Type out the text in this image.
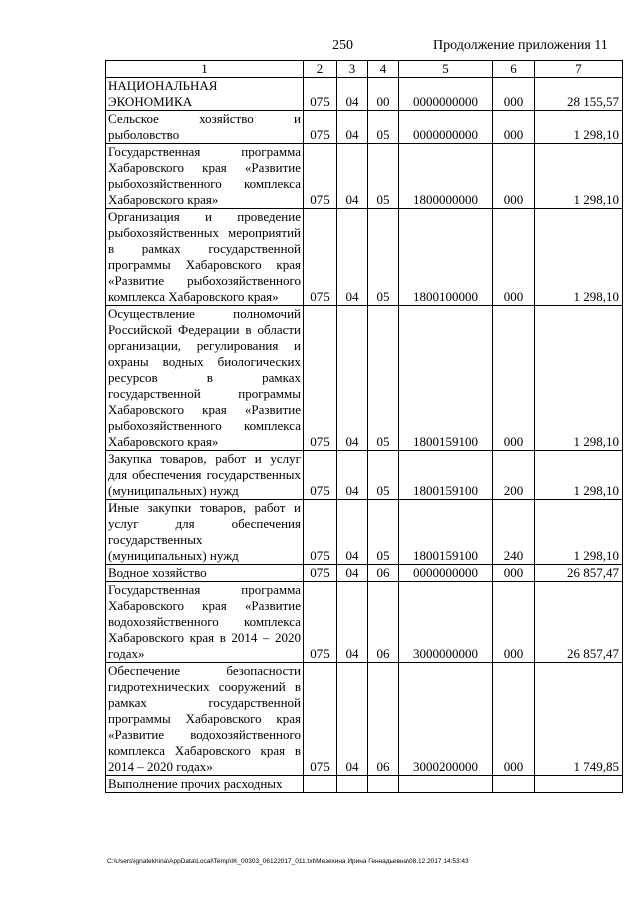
250	Продолжение приложения 11
1	2	3	4	5	6	7
НАЦИОНАЛЬНАЯ ЭКОНОМИКА	075	04	00	0000000000	000	28 155,57
Сельское хозяйство и рыболовство	075	04	05	0000000000	000	1 298,10
Государственная программа Хабаровского края «Развитие рыбохозяйственного комплекса Хабаровского края»	075	04	05	1800000000	000	1 298,10
Организация и проведение рыбохозяйственных мероприятий в рамках государственной программы Хабаровского края «Развитие рыбохозяйственного комплекса Хабаровского края»	075	04	05	1800100000	000	1 298,10
Осуществление полномочий Российской Федерации в области организации, регулирования и охраны водных биологических ресурсов в рамках государственной программы Хабаровского края «Развитие рыбохозяйственного комплекса Хабаровского края»	075	04	05	1800159100	000	1 298,10
Закупка товаров, работ и услуг для обеспечения государственных (муниципальных) нужд	075	04	05	1800159100	200	1 298,10
Иные закупки товаров, работ и услуг для обеспечения государственных (муниципальных) нужд	075	04	05	1800159100	240	1 298,10
Водное хозяйство	075	04	06	0000000000	000	26 857,47
Государственная программа Хабаровского края «Развитие водохозяйственного комплекса Хабаровского края в 2014 – 2020 годах»	075	04	06	3000000000	000	26 857,47
Обеспечение безопасности гидротехнических сооружений в рамках государственной программы Хабаровского края «Развитие водохозяйственного комплекса Хабаровского края в 2014 – 2020 годах»	075	04	06	3000200000	000	1 749,85
Выполнение прочих расходных						
C:\Users\ignatekhina\AppData\Local\Temp\IK_00303_06122017_011.txt\Мезехина Ирина Геннадьевна\08.12.2017 14:53:43
